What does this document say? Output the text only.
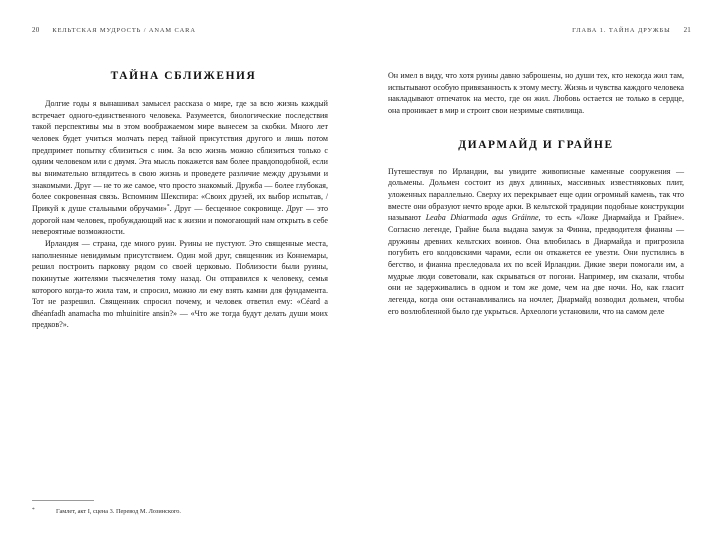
20 КЕЛЬТСКАЯ МУДРОСТЬ / ANAM CARA
ТАЙНА СБЛИЖЕНИЯ

Долгие годы я вынашивал замысел рассказа о мире, где за всю жизнь каждый встречает одного-единственного человека. Разумеется, биологические последствия такой перспективы мы в этом воображаемом мире вынесем за скобки. Много лет человек будет учиться молчать перед тайной присутствия другого и лишь потом предпримет попытку сблизиться с ним. За всю жизнь можно сблизиться только с одним человеком или с двумя. Эта мысль покажется вам более правдоподобной, если вы внимательно вглядитесь в свою жизнь и проведете различие между друзьями и знакомыми. Друг — не то же самое, что просто знакомый. Дружба — более глубокая, более сокровенная связь. Вспомним Шекспира: «Своих друзей, их выбор испытав, / Прикуй к душе стальными обручами»*. Друг — бесценное сокровище. Друг — это дорогой нам человек, пробуждающий нас к жизни и помогающий нам открыть в себе невероятные возможности.

Ирландия — страна, где много руин. Руины не пустуют. Это священные места, наполненные невидимым присутствием. Один мой друг, священник из Коннемары, решил построить парковку рядом со своей церковью. Поблизости были руины, покинутые жителями тысячелетия тому назад. Он отправился к человеку, семья которого когда-то жила там, и спросил, можно ли ему взять камни для фундамента. Тот не разрешил. Священник спросил почему, и человек ответил ему: «Céard a dhéanfadh anamacha mo mhuinitire ansin?» — «Что же тогда будут делать души моих предков?».

*	Гамлет, акт I, сцена 3. Перевод М. Лозинского.
ГЛАВА 1. ТАЙНА ДРУЖБЫ 21

Он имел в виду, что хотя руины давно заброшены, но души тех, кто некогда жил там, испытывают особую привязанность к этому месту. Жизнь и чувства каждого человека накладывают отпечаток на место, где он жил. Любовь остается не только в сердце, она проникает в мир и строит свои незримые святилища.

ДИАРМАЙД И ГРАЙНЕ

Путешествуя по Ирландии, вы увидите живописные каменные сооружения — дольмены. Дольмен состоит из двух длинных, массивных известняковых плит, уложенных параллельно. Сверху их перекрывает еще один огромный камень, так что вместе они образуют нечто вроде арки. В кельтской традиции подобные конструкции называют Leaba Dhiarmada agus Gráinne, то есть «Ложе Диармайда и Грайне». Согласно легенде, Грайне была выдана замуж за Финна, предводителя фианны — дружины древних кельтских воинов. Она влюбилась в Диармайда и пригрозила погубить его колдовскими чарами, если он откажется ее увезти. Они пустились в бегство, и фианна преследовала их по всей Ирландии. Дикие звери помогали им, а мудрые люди советовали, как скрываться от погони. Например, им сказали, чтобы они не задерживались в одном и том же доме, чем на две ночи. Но, как гласит легенда, когда они останавливались на ночлег, Диармайд возводил дольмен, чтобы его возлюбленной было где укрыться. Археологи установили, что на самом деле
